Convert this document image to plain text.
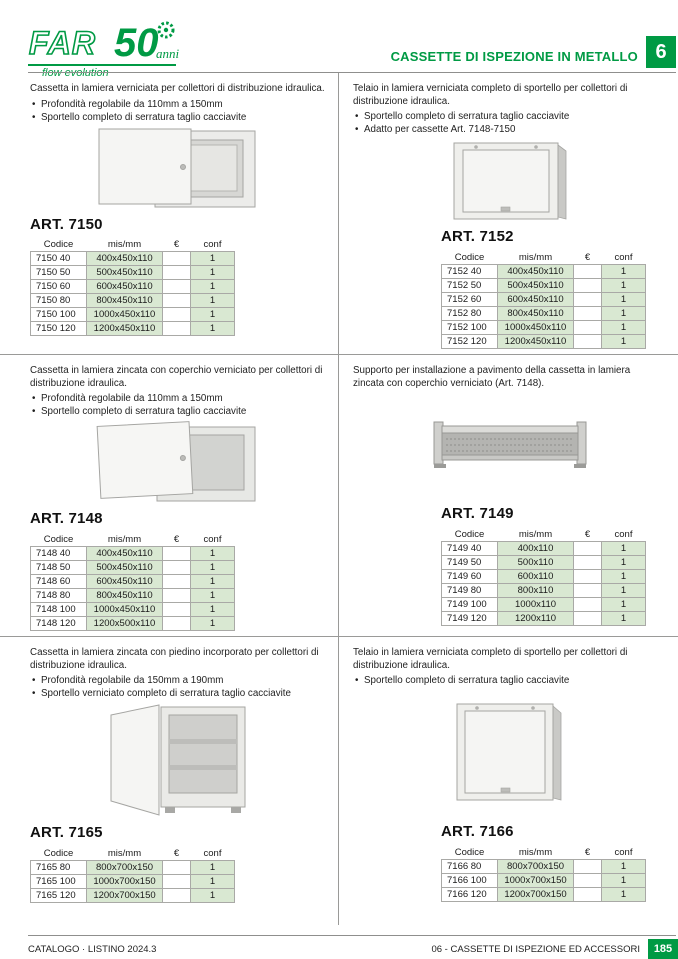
FAR 50
anni
flow evolution
CASSETTE DI ISPEZIONE IN METALLO 6

Cassetta in lamiera verniciata per collettori di distribuzione idraulica.

• Profondità regolabile da 110mm a 150mm
• Sportello completo di serratura taglio cacciavite
ART. 7150
Codice	mis/mm	€	conf
7150 40	400x450x110		1
7150 50	500x450x110		1
7150 60	600x450x110		1
7150 80	800x450x110		1
7150 100	1000x450x110		1
7150 120	1200x450x110		1

Telaio in lamiera verniciata completo di sportello per collettori di distribuzione idraulica.

• Sportello completo di serratura taglio cacciavite
• Adatto per cassette Art. 7148-7150
ART. 7152
Codice	mis/mm	€	conf
7152 40	400x450x110		1
7152 50	500x450x110		1
7152 60	600x450x110		1
7152 80	800x450x110		1
7152 100	1000x450x110		1
7152 120	1200x450x110		1

Cassetta in lamiera zincata con coperchio verniciato per collettori di distribuzione idraulica.

• Profondità regolabile da 110mm a 150mm
• Sportello completo di serratura taglio cacciavite
ART. 7148
Codice	mis/mm	€	conf
7148 40	400x450x110		1
7148 50	500x450x110		1
7148 60	600x450x110		1
7148 80	800x450x110		1
7148 100	1000x450x110		1
7148 120	1200x500x110		1

Supporto per installazione a pavimento della cassetta in lamiera zincata con coperchio verniciato (Art. 7148).

ART. 7149
Codice	mis/mm	€	conf
7149 40	400x110		1
7149 50	500x110		1
7149 60	600x110		1
7149 80	800x110		1
7149 100	1000x110		1
7149 120	1200x110		1

Cassetta in lamiera zincata con piedino incorporato per collettori di distribuzione idraulica.

• Profondità regolabile da 150mm a 190mm
• Sportello verniciato completo di serratura taglio cacciavite
ART. 7165
Codice	mis/mm	€	conf
7165 80	800x700x150		1
7165 100	1000x700x150		1
7165 120	1200x700x150		1

Telaio in lamiera verniciata completo di sportello per collettori di distribuzione idraulica.

• Sportello completo di serratura taglio cacciavite
ART. 7166
Codice	mis/mm	€	conf
7166 80	800x700x150		1
7166 100	1000x700x150		1
7166 120	1200x700x150		1
CATALOGO · LISTINO 2024.3	06 - CASSETTE DI ISPEZIONE ED ACCESSORI	185
